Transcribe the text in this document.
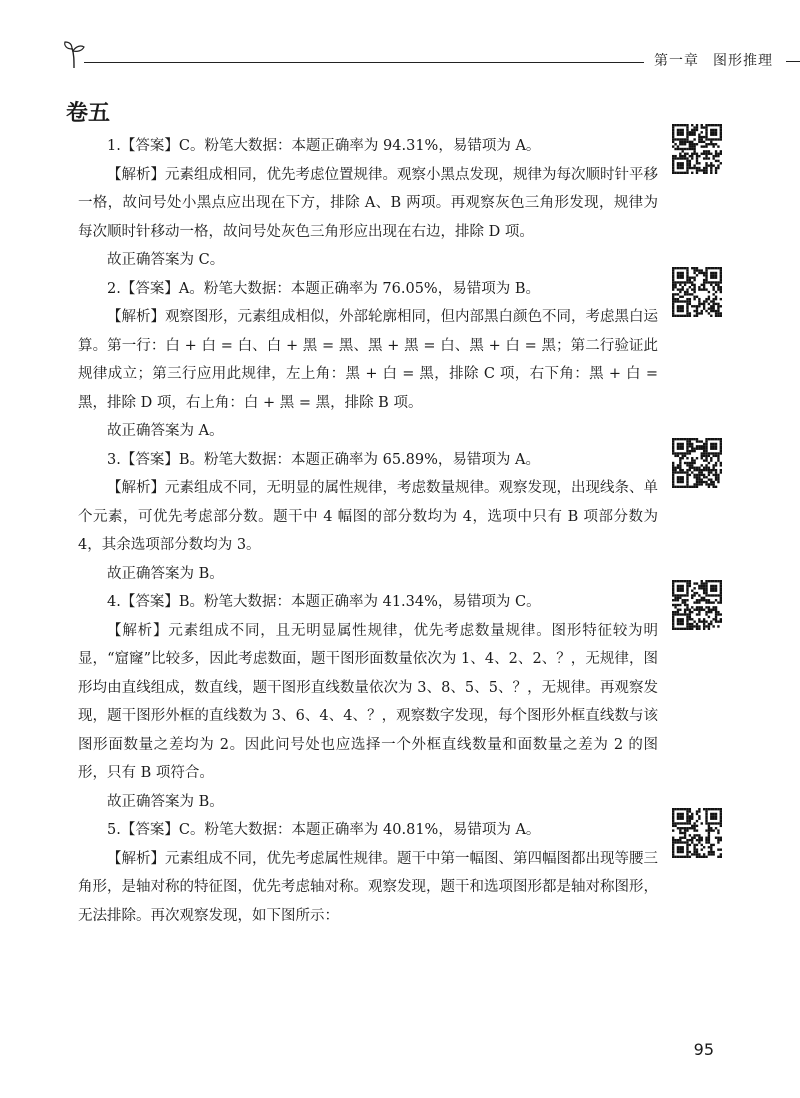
第一章 图形推理
卷五

1.【答案】C。粉笔大数据：本题正确率为 94.31%，易错项为 A。

【解析】元素组成相同，优先考虑位置规律。观察小黑点发现，规律为每次顺时针平移一格，故问号处小黑点应出现在下方，排除 A、B 两项。再观察灰色三角形发现，规律为每次顺时针移动一格，故问号处灰色三角形应出现在右边，排除 D 项。

故正确答案为 C。

2.【答案】A。粉笔大数据：本题正确率为 76.05%，易错项为 B。

【解析】观察图形，元素组成相似，外部轮廓相同，但内部黑白颜色不同，考虑黑白运算。第一行：白 + 白 = 白、白 + 黑 = 黑、黑 + 黑 = 白、黑 + 白 = 黑；第二行验证此规律成立；第三行应用此规律，左上角：黑 + 白 = 黑，排除 C 项，右下角：黑 + 白 = 黑，排除 D 项，右上角：白 + 黑 = 黑，排除 B 项。

故正确答案为 A。

3.【答案】B。粉笔大数据：本题正确率为 65.89%，易错项为 A。

【解析】元素组成不同，无明显的属性规律，考虑数量规律。观察发现，出现线条、单个元素，可优先考虑部分数。题干中 4 幅图的部分数均为 4，选项中只有 B 项部分数为 4，其余选项部分数均为 3。

故正确答案为 B。

4.【答案】B。粉笔大数据：本题正确率为 41.34%，易错项为 C。

【解析】元素组成不同，且无明显属性规律，优先考虑数量规律。图形特征较为明显，“窟窿”比较多，因此考虑数面，题干图形面数量依次为 1、4、2、2、？，无规律，图形均由直线组成，数直线，题干图形直线数量依次为 3、8、5、5、？，无规律。再观察发现，题干图形外框的直线数为 3、6、4、4、？，观察数字发现，每个图形外框直线数与该图形面数量之差均为 2。因此问号处也应选择一个外框直线数量和面数量之差为 2 的图形，只有 B 项符合。

故正确答案为 B。

5.【答案】C。粉笔大数据：本题正确率为 40.81%，易错项为 A。

【解析】元素组成不同，优先考虑属性规律。题干中第一幅图、第四幅图都出现等腰三角形，是轴对称的特征图，优先考虑轴对称。观察发现，题干和选项图形都是轴对称图形，无法排除。再次观察发现，如下图所示：

95
